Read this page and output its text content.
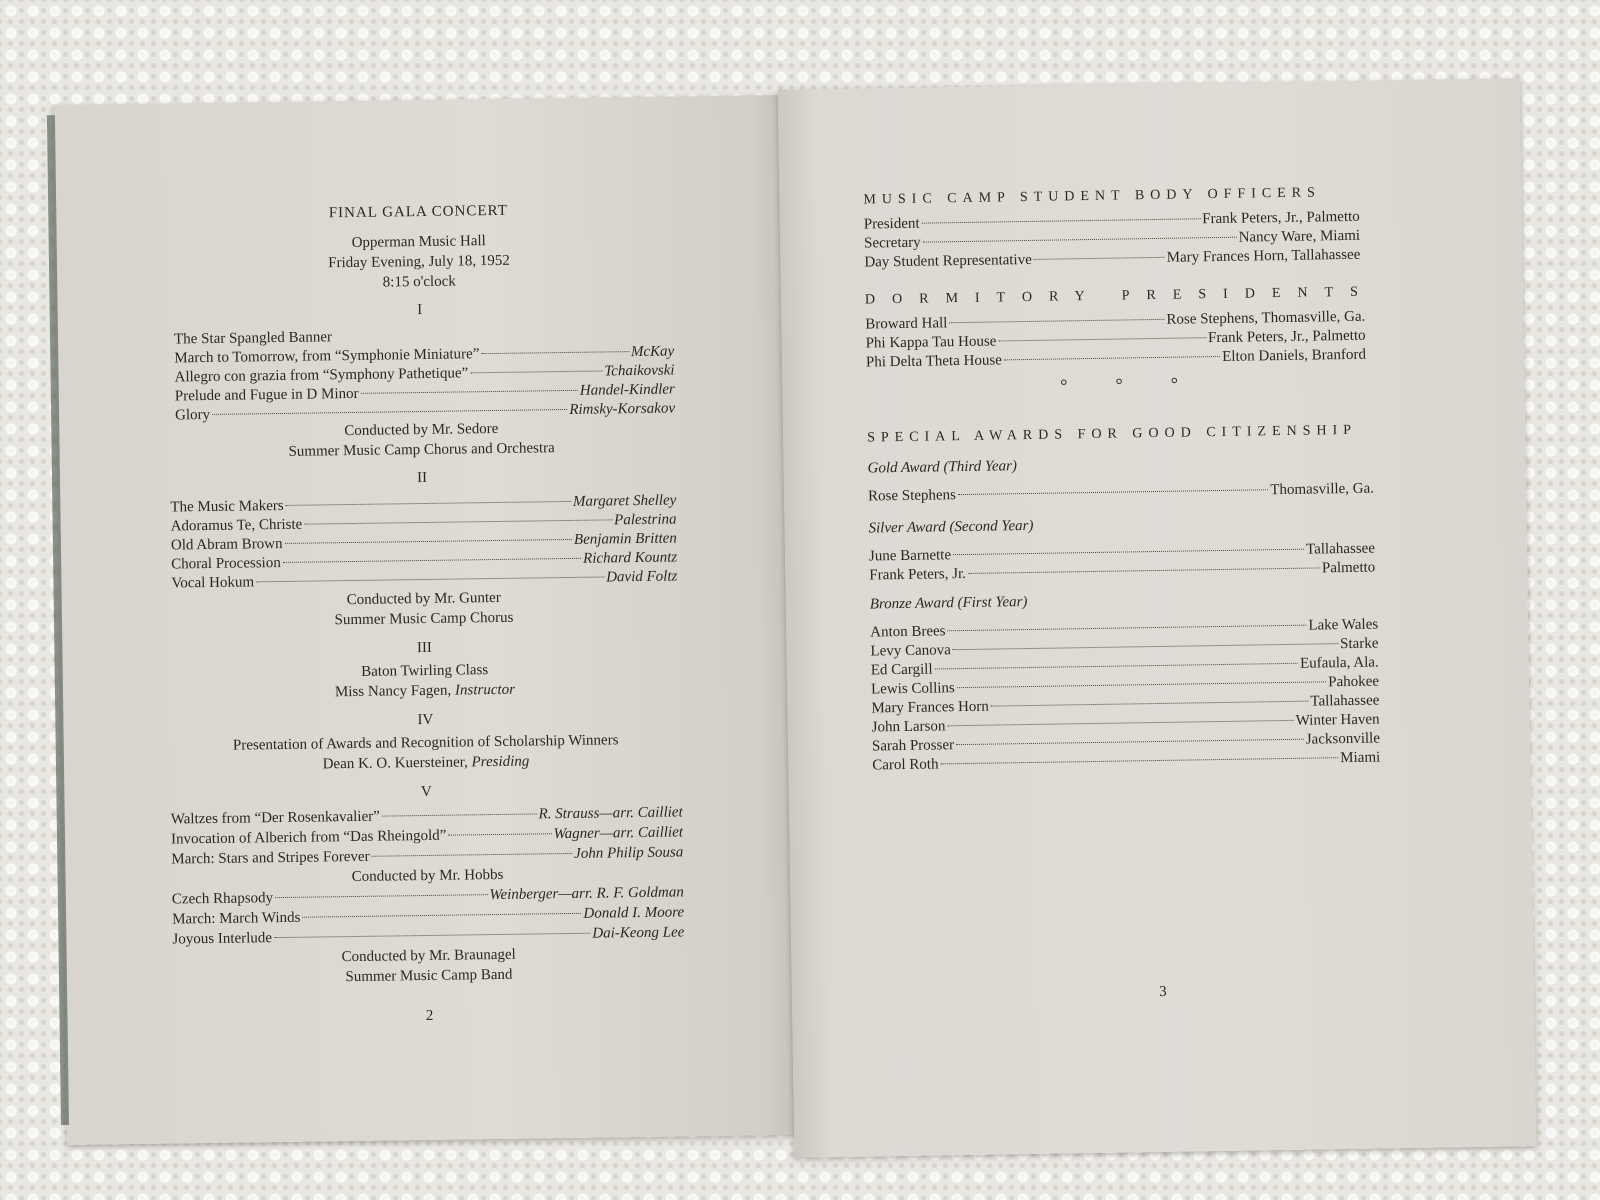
FINAL GALA CONCERT
Opperman Music Hall
Friday Evening, July 18, 1952
8:15 o'clock
I
The Star Spangled Banner
March to Tomorrow, from “Symphonie Miniature”	McKay
Allegro con grazia from “Symphony Pathetique”	Tchaikovski
Prelude and Fugue in D Minor	Handel-Kindler
Glory	Rimsky-Korsakov
Conducted by Mr. Sedore
Summer Music Camp Chorus and Orchestra
II
The Music Makers	Margaret Shelley
Adoramus Te, Christe	Palestrina
Old Abram Brown	Benjamin Britten
Choral Procession	Richard Kountz
Vocal Hokum	David Foltz
Conducted by Mr. Gunter
Summer Music Camp Chorus
III
Baton Twirling Class
Miss Nancy Fagen, Instructor
IV
Presentation of Awards and Recognition of Scholarship Winners
Dean K. O. Kuersteiner, Presiding
V
Waltzes from “Der Rosenkavalier”	R. Strauss—arr. Cailliet
Invocation of Alberich from “Das Rheingold”	Wagner—arr. Cailliet
March: Stars and Stripes Forever	John Philip Sousa
Conducted by Mr. Hobbs
Czech Rhapsody	Weinberger—arr. R. F. Goldman
March: March Winds	Donald I. Moore
Joyous Interlude	Dai-Keong Lee
Conducted by Mr. Braunagel
Summer Music Camp Band
2
MUSIC CAMP STUDENT BODY OFFICERS
President	Frank Peters, Jr., Palmetto
Secretary	Nancy Ware, Miami
Day Student Representative	Mary Frances Horn, Tallahassee
DORMITORY PRESIDENTS
Broward Hall	Rose Stephens, Thomasville, Ga.
Phi Kappa Tau House	Frank Peters, Jr., Palmetto
Phi Delta Theta House	Elton Daniels, Branford
°°°
SPECIAL AWARDS FOR GOOD CITIZENSHIP
Gold Award (Third Year)
Rose Stephens	Thomasville, Ga.
Silver Award (Second Year)
June Barnette	Tallahassee
Frank Peters, Jr.	Palmetto
Bronze Award (First Year)
Anton Brees	Lake Wales
Levy Canova	Starke
Ed Cargill	Eufaula, Ala.
Lewis Collins	Pahokee
Mary Frances Horn	Tallahassee
John Larson	Winter Haven
Sarah Prosser	Jacksonville
Carol Roth	Miami
3
